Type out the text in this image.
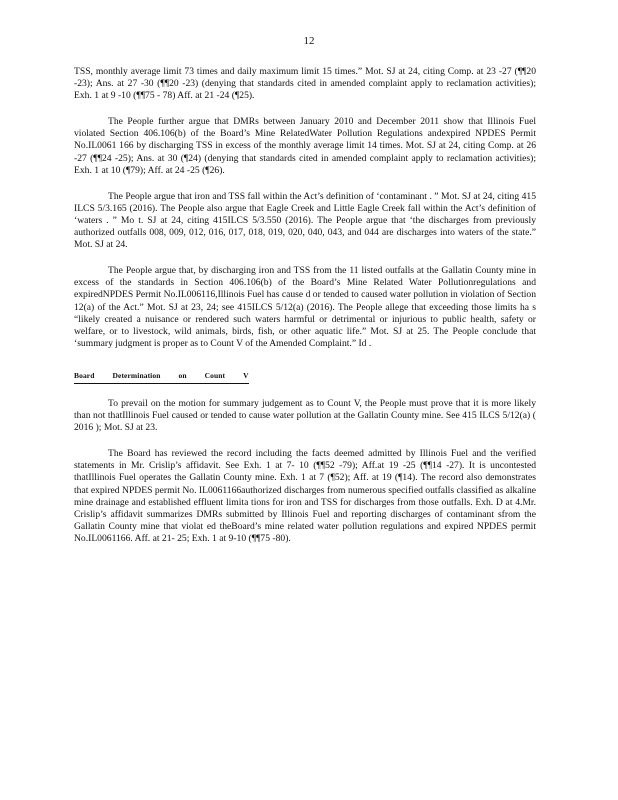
12

TSS, monthly average limit 73 times and daily maximum limit 15 times.” Mot. SJ at 24, citing Comp. at 23 -27 (¶¶20 -23); Ans. at 27 -30 (¶¶20 -23) (denying that standards cited in amended complaint apply to reclamation activities); Exh. 1 at 9 -10 (¶¶75 - 78) Aff. at 21 -24 (¶25).

The People further argue that DMRs between January 2010 and December 2011 show that Illinois Fuel violated Section 406.106(b) of the Board’s Mine RelatedWater Pollution Regulations andexpired NPDES Permit No.IL0061 166 by discharging TSS in excess of the monthly average limit 14 times. Mot. SJ at 24, citing Comp. at 26 -27 (¶¶24 -25); Ans. at 30 (¶24) (denying that standards cited in amended complaint apply to reclamation activities); Exh. 1 at 10 (¶79); Aff. at 24 -25 (¶26).

The People argue that iron and TSS fall within the Act’s definition of ‘contaminant . ” Mot. SJ at 24, citing 415 ILCS 5/3.165 (2016). The People also argue that Eagle Creek and Little Eagle Creek fall within the Act’s definition of ‘waters . ” Mo t. SJ at 24, citing 415ILCS 5/3.550 (2016). The People argue that ‘the discharges from previously authorized outfalls 008, 009, 012, 016, 017, 018, 019, 020, 040, 043, and 044 are discharges into waters of the state.” Mot. SJ at 24.

The People argue that, by discharging iron and TSS from the 11 listed outfalls at the Gallatin County mine in excess of the standards in Section 406.106(b) of the Board’s Mine Related Water Pollutionregulations and expiredNPDES Permit No.IL006116,Illinois Fuel has cause d or tended to caused water pollution in violation of Section 12(a) of the Act.” Mot. SJ at 23, 24; see 415ILCS 5/12(a) (2016). The People allege that exceeding those limits ha s “likely created a nuisance or rendered such waters harmful or detrimental or injurious to public health, safety or welfare, or to livestock, wild animals, birds, fish, or other aquatic life.” Mot. SJ at 25. The People conclude that ‘summary judgment is proper as to Count V of the Amended Complaint.” Id .

Board Determination on Count V

To prevail on the motion for summary judgement as to Count V, the People must prove that it is more likely than not thatIllinois Fuel caused or tended to cause water pollution at the Gallatin County mine. See 415 ILCS 5/12(a) ( 2016 ); Mot. SJ at 23.

The Board has reviewed the record including the facts deemed admitted by Illinois Fuel and the verified statements in Mr. Crislip’s affidavit. See Exh. 1 at 7- 10 (¶¶52 -79); Aff.at 19 -25 (¶¶14 -27). It is uncontested thatIllinois Fuel operates the Gallatin County mine. Exh. 1 at 7 (¶52); Aff. at 19 (¶14). The record also demonstrates that expired NPDES permit No. IL0061166authorized discharges from numerous specified outfalls classified as alkaline mine drainage and established effluent limita tions for iron and TSS for discharges from those outfalls. Exh. D at 4.Mr. Crislip’s affidavit summarizes DMRs submitted by Illinois Fuel and reporting discharges of contaminant sfrom the Gallatin County mine that violat ed theBoard’s mine related water pollution regulations and expired NPDES permit No.IL0061166. Aff. at 21- 25; Exh. 1 at 9-10 (¶¶75 -80).
